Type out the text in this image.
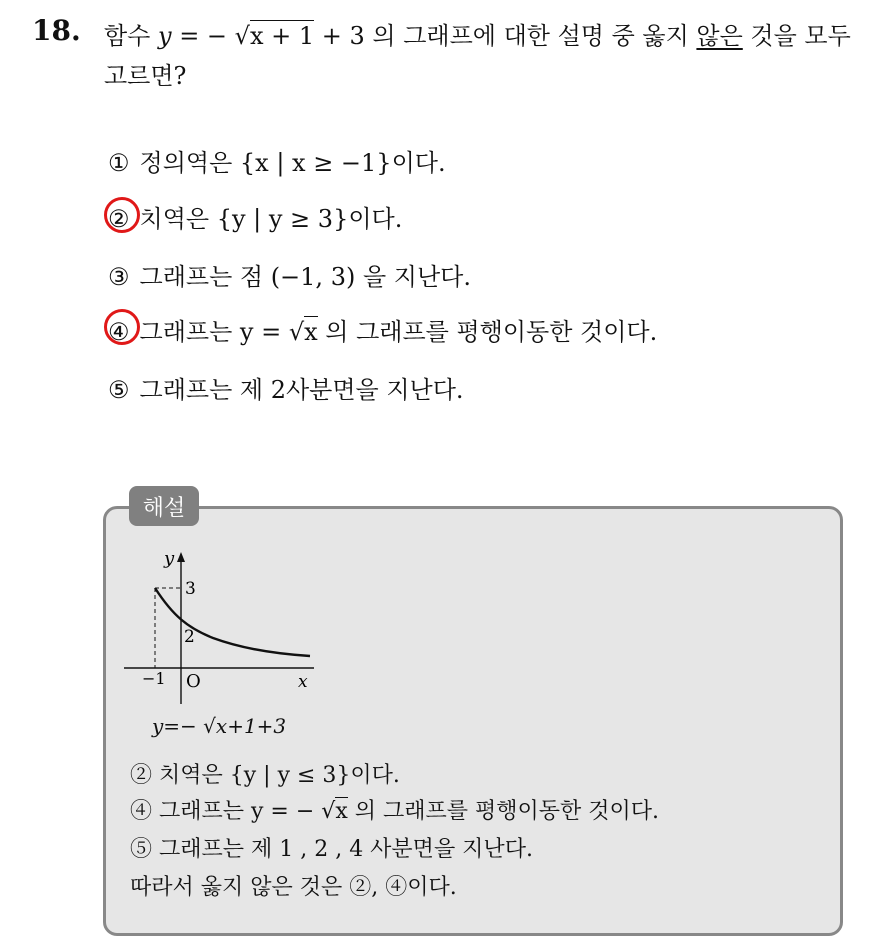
18. 함수 y = − √x + 1 + 3 의 그래프에 대한 설명 중 옳지 않은 것을 모두
고르면?
① 정의역은 {x | x ≥ −1}이다.
② 치역은 {y | y ≥ 3}이다.
③ 그래프는 점 (−1, 3) 을 지난다.
④ 그래프는 y = √x 의 그래프를 평행이동한 것이다.
⑤ 그래프는 제 2사분면을 지난다.
해설
y
3
2
−1 O	x
y=− √x+1+3
② 치역은 {y | y ≤ 3}이다.
④ 그래프는 y = − √x 의 그래프를 평행이동한 것이다.
⑤ 그래프는 제 1 , 2 , 4 사분면을 지난다.
따라서 옳지 않은 것은 ②, ④이다.
